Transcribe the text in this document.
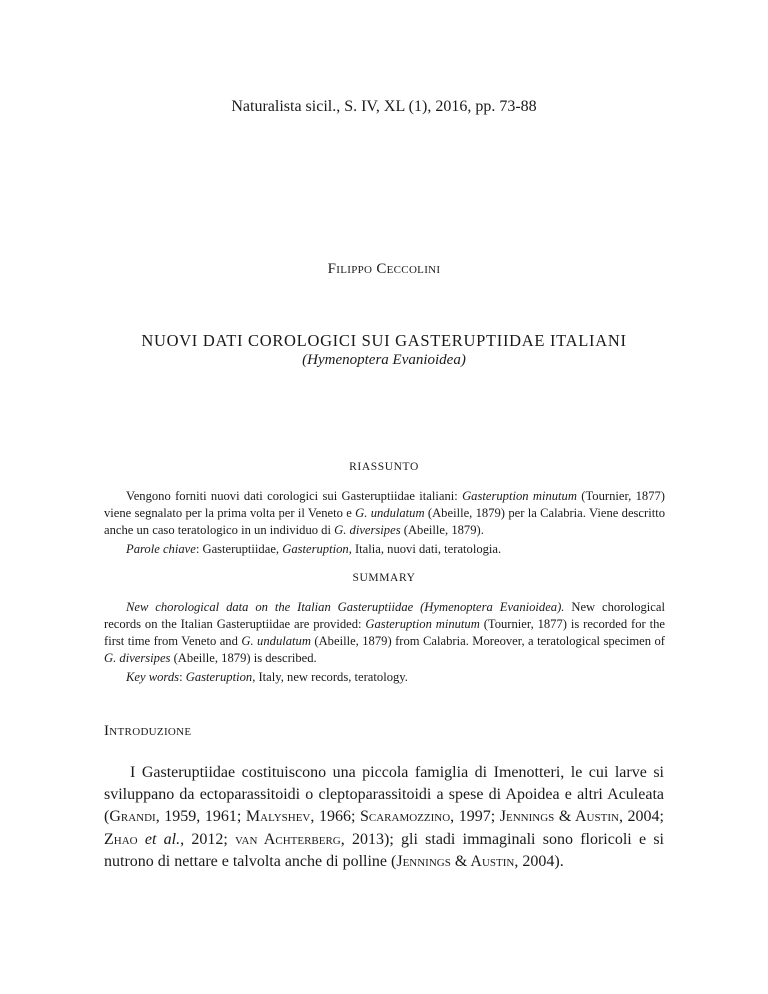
Naturalista sicil., S. IV, XL (1), 2016, pp. 73-88
Filippo Ceccolini
NUOVI DATI COROLOGICI SUI GASTERUPTIIDAE ITALIANI
(Hymenoptera Evanioidea)
RIASSUNTO

Vengono forniti nuovi dati corologici sui Gasteruptiidae italiani: Gasteruption minutum (Tournier, 1877) viene segnalato per la prima volta per il Veneto e G. undulatum (Abeille, 1879) per la Calabria. Viene descritto anche un caso teratologico in un individuo di G. diversipes (Abeille, 1879).

Parole chiave: Gasteruptiidae, Gasteruption, Italia, nuovi dati, teratologia.

SUMMARY

New chorological data on the Italian Gasteruptiidae (Hymenoptera Evanioidea). New chorological records on the Italian Gasteruptiidae are provided: Gasteruption minutum (Tournier, 1877) is recorded for the first time from Veneto and G. undulatum (Abeille, 1879) from Calabria. Moreover, a teratological specimen of G. diversipes (Abeille, 1879) is described.

Key words: Gasteruption, Italy, new records, teratology.

Introduzione

I Gasteruptiidae costituiscono una piccola famiglia di Imenotteri, le cui larve si sviluppano da ectoparassitoidi o cleptoparassitoidi a spese di Apoidea e altri Aculeata (Grandi, 1959, 1961; Malyshev, 1966; Scaramozzino, 1997; Jennings & Austin, 2004; Zhao et al., 2012; van Achterberg, 2013); gli stadi immaginali sono floricoli e si nutrono di nettare e talvolta anche di polline (Jennings & Austin, 2004).
